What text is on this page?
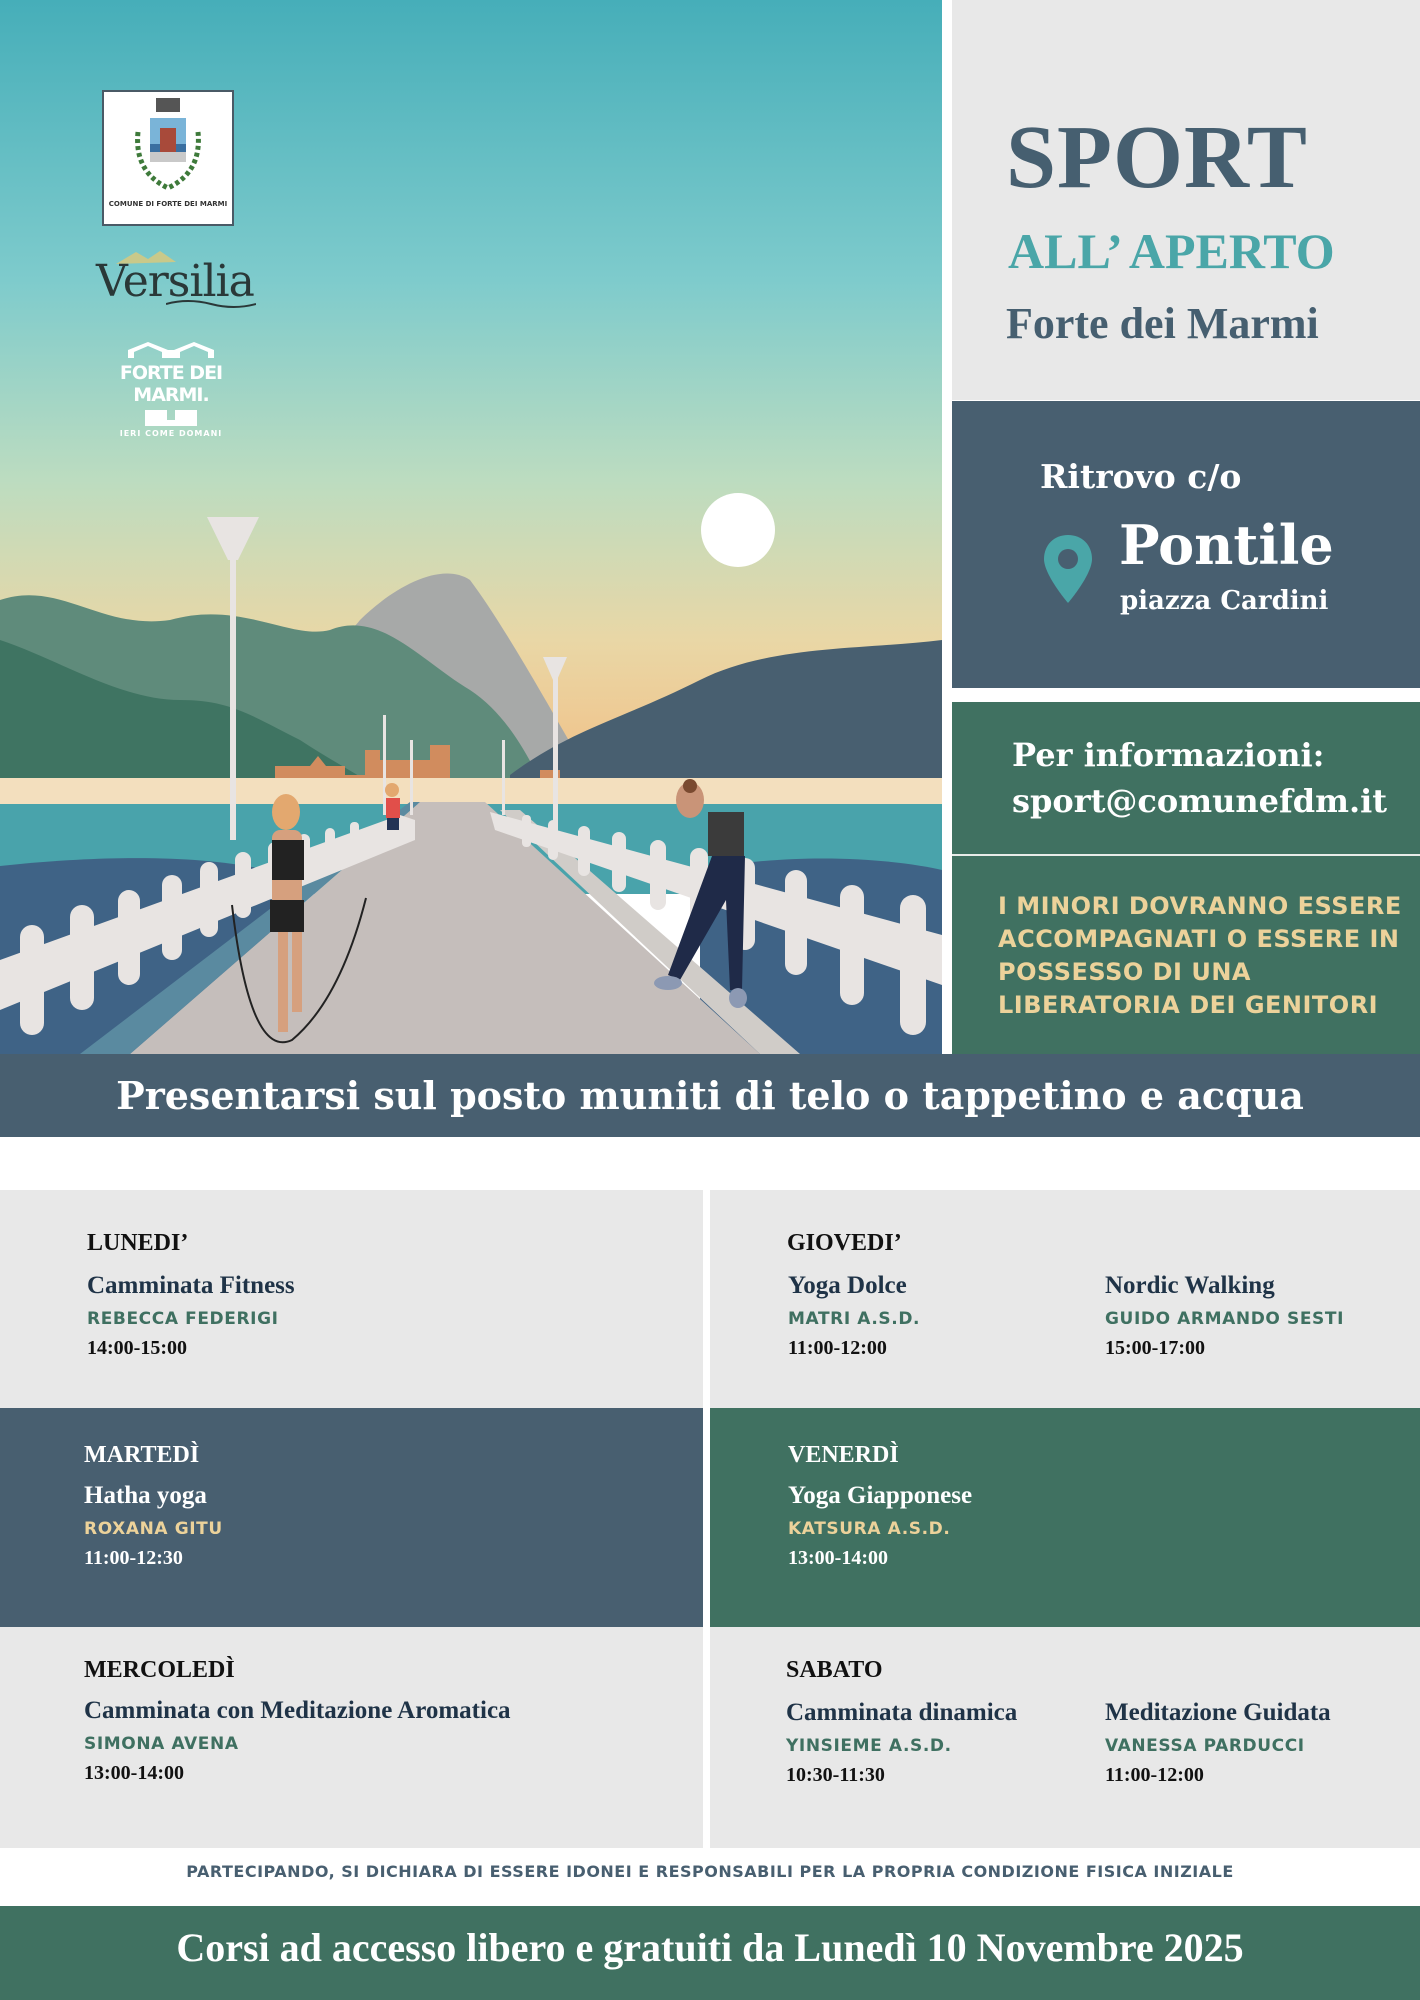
COMUNE DI FORTE DEI MARMI
Versilia
FORTE DEI MARMI.
IERI COME DOMANI
SPORT
ALL’ APERTO
Forte dei Marmi
Ritrovo c/o
Pontile
piazza Cardini
Per informazioni:
sport@comunefdm.it
I MINORI DOVRANNO ESSERE ACCOMPAGNATI O ESSERE IN POSSESSO DI UNA LIBERATORIA DEI GENITORI
Presentarsi sul posto muniti di telo o tappetino e acqua
LUNEDI’
Camminata Fitness
REBECCA FEDERIGI
14:00-15:00
GIOVEDI’
Yoga Dolce
MATRI A.S.D.
11:00-12:00
Nordic Walking
GUIDO ARMANDO SESTI
15:00-17:00
MARTEDÌ
Hatha yoga
ROXANA GITU
11:00-12:30
VENERDÌ
Yoga Giapponese
KATSURA A.S.D.
13:00-14:00
MERCOLEDÌ
Camminata con Meditazione Aromatica
SIMONA AVENA
13:00-14:00
SABATO
Camminata dinamica
YINSIEME A.S.D.
10:30-11:30
Meditazione Guidata
VANESSA PARDUCCI
11:00-12:00
PARTECIPANDO, SI DICHIARA DI ESSERE IDONEI E RESPONSABILI PER LA PROPRIA CONDIZIONE FISICA INIZIALE
Corsi ad accesso libero e gratuiti da Lunedì 10 Novembre 2025
